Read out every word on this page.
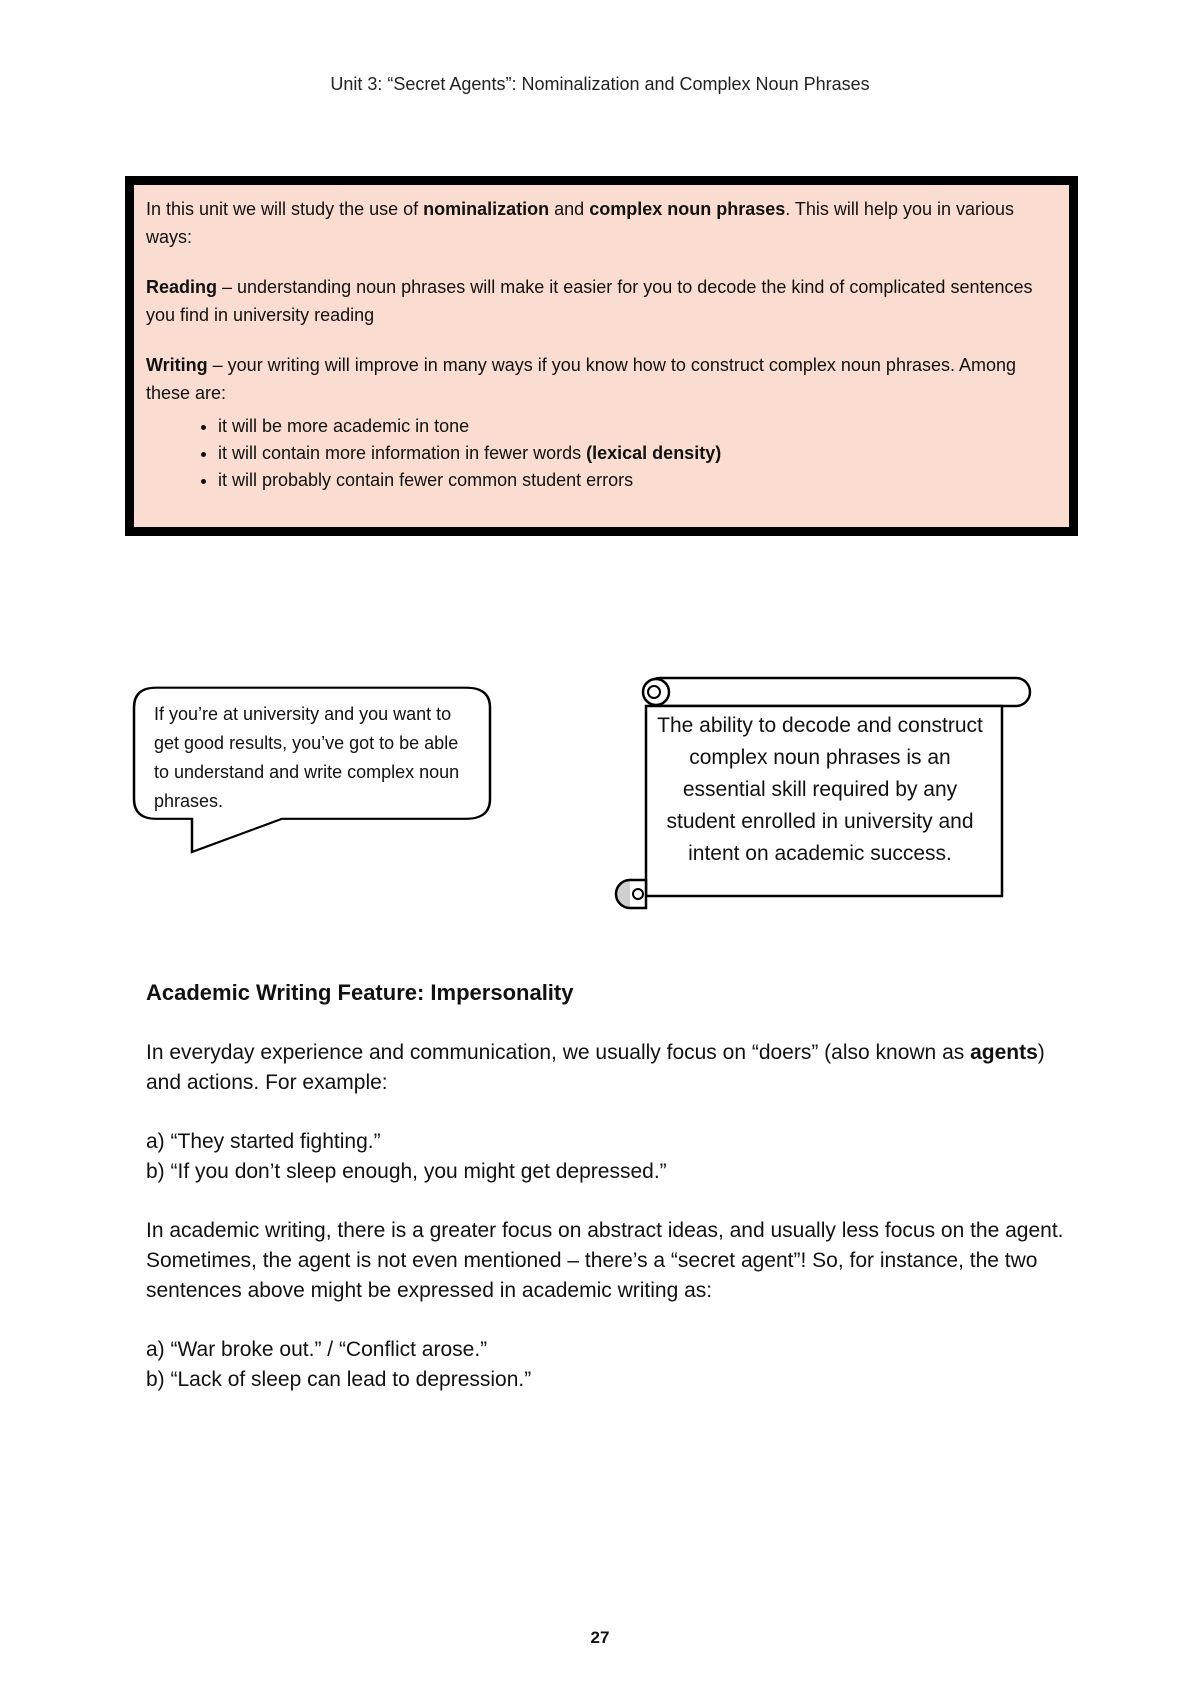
Unit 3: “Secret Agents”: Nominalization and Complex Noun Phrases

In this unit we will study the use of nominalization and complex noun phrases. This will help you in various ways:

Reading – understanding noun phrases will make it easier for you to decode the kind of complicated sentences you find in university reading

Writing – your writing will improve in many ways if you know how to construct complex noun phrases. Among these are:

• it will be more academic in tone
• it will contain more information in fewer words (lexical density)
• it will probably contain fewer common student errors
If you’re at university and you want to get good results, you’ve got to be able to understand and write complex noun phrases.
The ability to decode and construct complex noun phrases is an essential skill required by any student enrolled in university and intent on academic success.
Academic Writing Feature: Impersonality

In everyday experience and communication, we usually focus on “doers” (also known as agents) and actions. For example:

a) “They started fighting.”
b) “If you don’t sleep enough, you might get depressed.”

In academic writing, there is a greater focus on abstract ideas, and usually less focus on the agent. Sometimes, the agent is not even mentioned – there’s a “secret agent”! So, for instance, the two sentences above might be expressed in academic writing as:

a) “War broke out.” / “Conflict arose.”
b) “Lack of sleep can lead to depression.”

27
